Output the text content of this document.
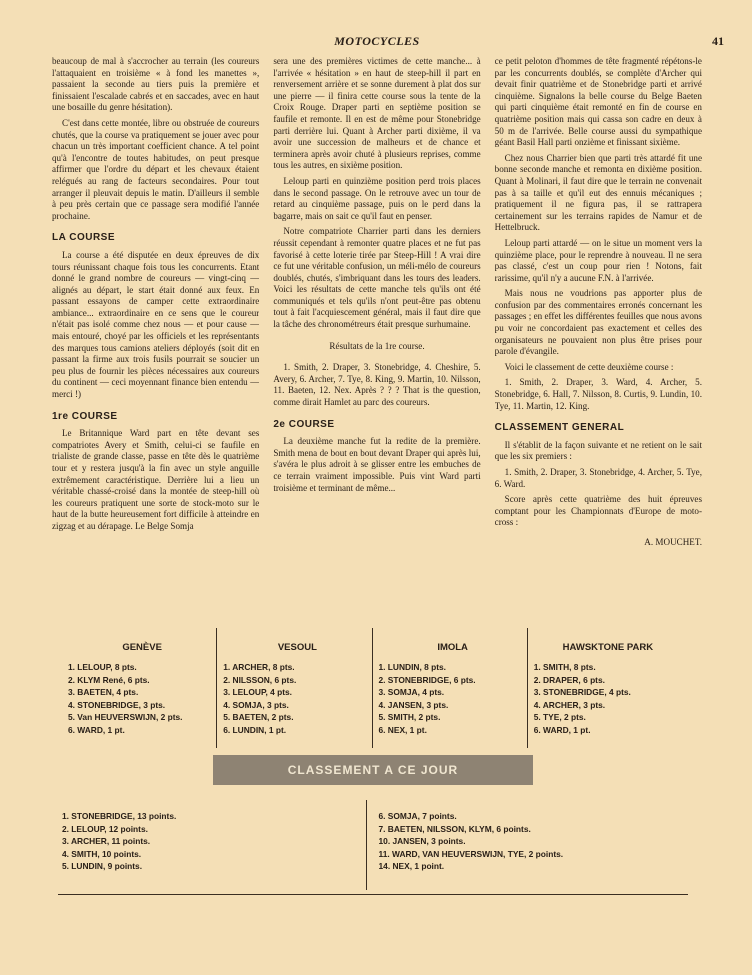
MOTOCYCLES	41

beaucoup de mal à s'accrocher au terrain (les coureurs l'attaquaient en troisième « à fond les manettes », passaient la seconde au tiers puis la première et finissaient l'escalade cabrés et en saccades, avec en haut une bosaille du genre hésitation).

C'est dans cette montée, libre ou obstruée de coureurs chutés, que la course va pratiquement se jouer avec pour chacun un très important coefficient chance. A tel point qu'à l'encontre de toutes habitudes, on peut presque affirmer que l'ordre du départ et les chevaux étaient relégués au rang de facteurs secondaires. Pour tout arranger il pleuvait depuis le matin. D'ailleurs il semble à peu près certain que ce passage sera modifié l'année prochaine.

LA COURSE

La course a été disputée en deux épreuves de dix tours réunissant chaque fois tous les concurrents. Etant donné le grand nombre de coureurs — vingt-cinq — alignés au départ, le start était donné aux feux. En passant essayons de camper cette extraordinaire ambiance... extraordinaire en ce sens que le coureur n'était pas isolé comme chez nous — et pour cause — mais entouré, choyé par les officiels et les représentants des marques tous camions ateliers déployés (soit dit en passant la firme aux trois fusils pourrait se soucier un peu plus de fournir les pièces nécessaires aux coureurs du continent — ceci moyennant finance bien entendu — merci !)

1re COURSE

Le Britannique Ward part en tête devant ses compatriotes Avery et Smith, celui-ci se faufile en trialiste de grande classe, passe en tête dès le quatrième tour et y restera jusqu'à la fin avec un style anguille extrêmement caractéristique. Derrière lui a lieu un véritable chassé-croisé dans la montée de steep-hill où les coureurs pratiquent une sorte de stock-moto sur le haut de la butte heureusement fort difficile à atteindre en zigzag et au dérapage. Le Belge Somja

sera une des premières victimes de cette manche... à l'arrivée « hésitation » en haut de steep-hill il part en renversement arrière et se sonne durement à plat dos sur une pierre — il finira cette course sous la tente de la Croix Rouge. Draper parti en septième position se faufile et remonte. Il en est de même pour Stonebridge parti derrière lui. Quant à Archer parti dixième, il va avoir une succession de malheurs et de chance et terminera après avoir chuté à plusieurs reprises, comme tous les autres, en sixième position.

Leloup parti en quinzième position perd trois places dans le second passage. On le retrouve avec un tour de retard au cinquième passage, puis on le perd dans la bagarre, mais on sait ce qu'il faut en penser.

Notre compatriote Charrier parti dans les derniers réussit cependant à remonter quatre places et ne fut pas favorisé à cette loterie tirée par Steep-Hill ! A vrai dire ce fut une véritable confusion, un méli-mélo de coureurs doublés, chutés, s'imbriquant dans les tours des leaders. Voici les résultats de cette manche tels qu'ils ont été communiqués et tels qu'ils n'ont peut-être pas obtenu tout à fait l'acquiescement général, mais il faut dire que la tâche des chronométreurs était presque surhumaine.

Résultats de la 1re course.

1. Smith, 2. Draper, 3. Stonebridge, 4. Cheshire, 5. Avery, 6. Archer, 7. Tye, 8. King, 9. Martin, 10. Nilsson, 11. Baeten, 12. Nex. Après ? ? ? That is the question, comme dirait Hamlet au parc des coureurs.

2e COURSE

La deuxième manche fut la redite de la première. Smith mena de bout en bout devant Draper qui après lui, s'avéra le plus adroit à se glisser entre les embuches de ce terrain vraiment impossible. Puis vint Ward parti troisième et terminant de même...

ce petit peloton d'hommes de tête fragmenté répétons-le par les concurrents doublés, se complète d'Archer qui devait finir quatrième et de Stonebridge parti et arrivé cinquième. Signalons la belle course du Belge Baeten qui parti cinquième était remonté en fin de course en quatrième position mais qui cassa son cadre en deux à 50 m de l'arrivée. Belle course aussi du sympathique géant Basil Hall parti onzième et finissant sixième.

Chez nous Charrier bien que parti très attardé fit une bonne seconde manche et remonta en dixième position. Quant à Molinari, il faut dire que le terrain ne convenait pas à sa taille et qu'il eut des ennuis mécaniques ; pratiquement il ne figura pas, il se rattrapera certainement sur les terrains rapides de Namur et de Hettelbruck.

Leloup parti attardé — on le situe un moment vers la quinzième place, pour le reprendre à nouveau. Il ne sera pas classé, c'est un coup pour rien ! Notons, fait rarissime, qu'il n'y a aucune F.N. à l'arrivée.

Mais nous ne voudrions pas apporter plus de confusion par des commentaires erronés concernant les passages ; en effet les différentes feuilles que nous avons pu voir ne concordaient pas exactement et celles des organisateurs ne pouvaient non plus être prises pour parole d'évangile.

Voici le classement de cette deuxième course :

1. Smith, 2. Draper, 3. Ward, 4. Archer, 5. Stonebridge, 6. Hall, 7. Nilsson, 8. Curtis, 9. Lundin, 10. Tye, 11. Martin, 12. King.

CLASSEMENT GENERAL

Il s'établit de la façon suivante et ne retient on le sait que les six premiers :

1. Smith, 2. Draper, 3. Stonebridge, 4. Archer, 5. Tye, 6. Ward.

Score après cette quatrième des huit épreuves comptant pour les Championnats d'Europe de moto-cross :

A. MOUCHET.

GENÈVE
1. LELOUP, 8 pts.
2. KLYM René, 6 pts.
3. BAETEN, 4 pts.
4. STONEBRIDGE, 3 pts.
5. Van HEUVERSWIJN, 2 pts.
6. WARD, 1 pt.
VESOUL
1. ARCHER, 8 pts.
2. NILSSON, 6 pts.
3. LELOUP, 4 pts.
4. SOMJA, 3 pts.
5. BAETEN, 2 pts.
6. LUNDIN, 1 pt.
IMOLA
1. LUNDIN, 8 pts.
2. STONEBRIDGE, 6 pts.
3. SOMJA, 4 pts.
4. JANSEN, 3 pts.
5. SMITH, 2 pts.
6. NEX, 1 pt.
HAWSKTONE PARK
1. SMITH, 8 pts.
2. DRAPER, 6 pts.
3. STONEBRIDGE, 4 pts.
4. ARCHER, 3 pts.
5. TYE, 2 pts.
6. WARD, 1 pt.
CLASSEMENT A CE JOUR
1. STONEBRIDGE, 13 points.
2. LELOUP, 12 points.
3. ARCHER, 11 points.
4. SMITH, 10 points.
5. LUNDIN, 9 points.
6. SOMJA, 7 points.
7. BAETEN, NILSSON, KLYM, 6 points.
10. JANSEN, 3 points.
11. WARD, VAN HEUVERSWIJN, TYE, 2 points.
14. NEX, 1 point.
